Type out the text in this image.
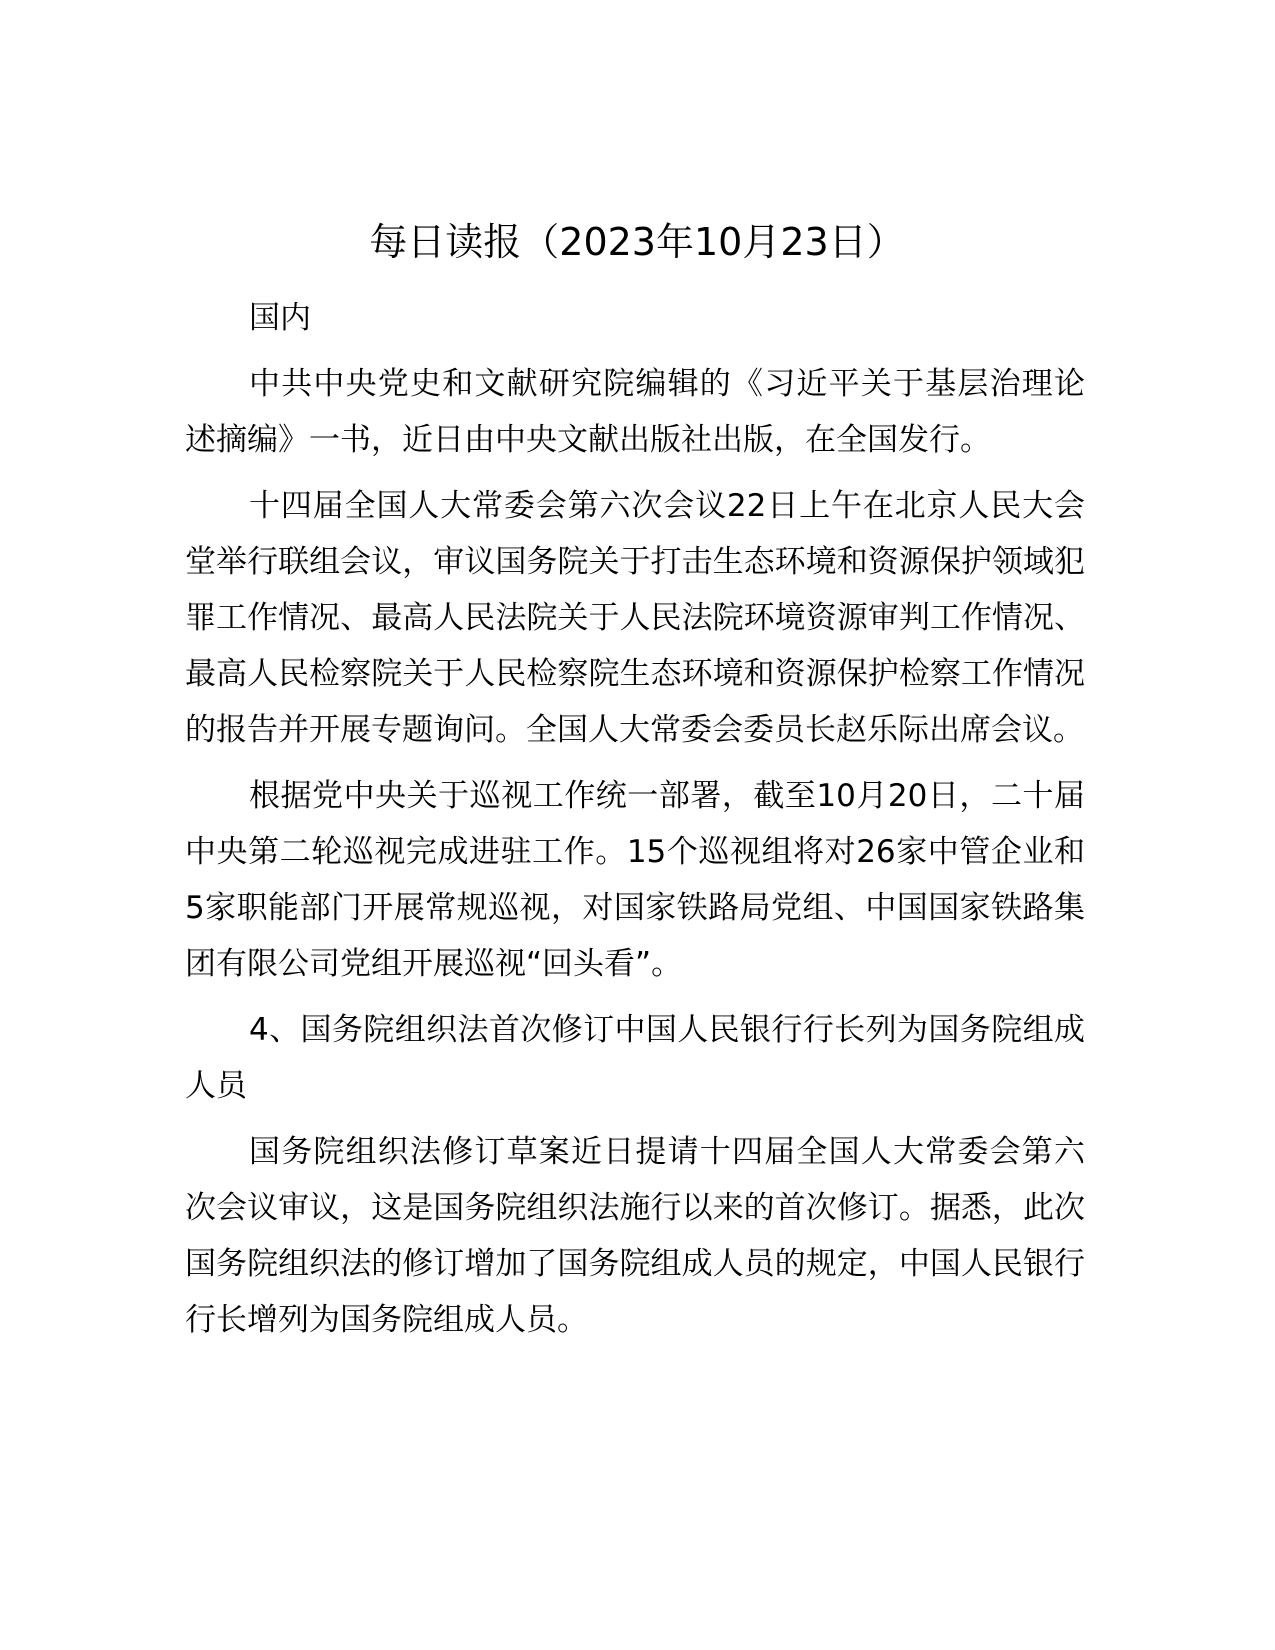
每日读报（2023年10月23日）

国内

中共中央党史和文献研究院编辑的《习近平关于基层治理论述摘编》一书，近日由中央文献出版社出版，在全国发行。

十四届全国人大常委会第六次会议22日上午在北京人民大会堂举行联组会议，审议国务院关于打击生态环境和资源保护领域犯罪工作情况、最高人民法院关于人民法院环境资源审判工作情况、最高人民检察院关于人民检察院生态环境和资源保护检察工作情况的报告并开展专题询问。全国人大常委会委员长赵乐际出席会议。

根据党中央关于巡视工作统一部署，截至10月20日，二十届中央第二轮巡视完成进驻工作。15个巡视组将对26家中管企业和5家职能部门开展常规巡视，对国家铁路局党组、中国国家铁路集团有限公司党组开展巡视“回头看”。

4、国务院组织法首次修订中国人民银行行长列为国务院组成人员

国务院组织法修订草案近日提请十四届全国人大常委会第六次会议审议，这是国务院组织法施行以来的首次修订。据悉，此次国务院组织法的修订增加了国务院组成人员的规定，中国人民银行行长增列为国务院组成人员。
